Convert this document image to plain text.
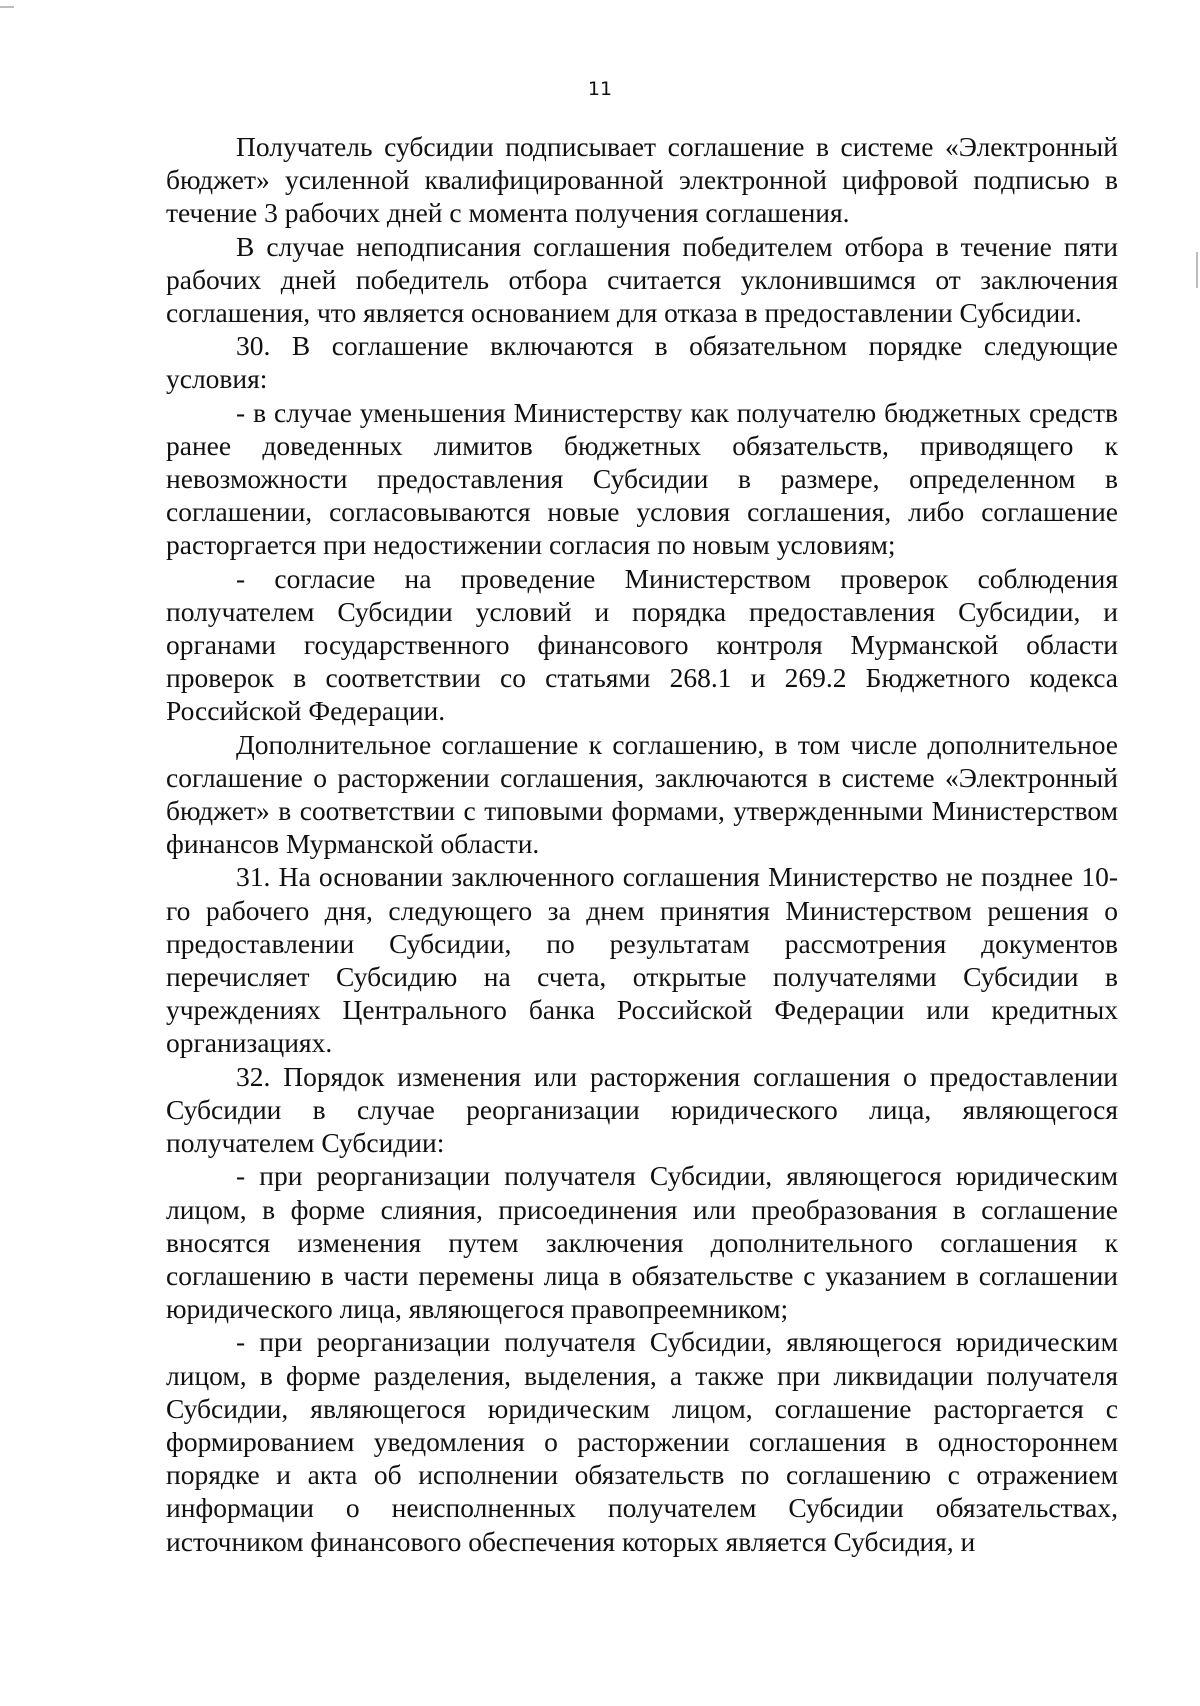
11

Получатель субсидии подписывает соглашение в системе «Электронный бюджет» усиленной квалифицированной электронной цифровой подписью в течение 3 рабочих дней с момента получения соглашения.

В случае неподписания соглашения победителем отбора в течение пяти рабочих дней победитель отбора считается уклонившимся от заключения соглашения, что является основанием для отказа в предоставлении Субсидии.

30. В соглашение включаются в обязательном порядке следующие условия:

- в случае уменьшения Министерству как получателю бюджетных средств ранее доведенных лимитов бюджетных обязательств, приводящего к невозможности предоставления Субсидии в размере, определенном в соглашении, согласовываются новые условия соглашения, либо соглашение расторгается при недостижении согласия по новым условиям;

- согласие на проведение Министерством проверок соблюдения получателем Субсидии условий и порядка предоставления Субсидии, и органами государственного финансового контроля Мурманской области проверок в соответствии со статьями 268.1 и 269.2 Бюджетного кодекса Российской Федерации.

Дополнительное соглашение к соглашению, в том числе дополнительное соглашение о расторжении соглашения, заключаются в системе «Электронный бюджет» в соответствии с типовыми формами, утвержденными Министерством финансов Мурманской области.

31. На основании заключенного соглашения Министерство не позднее 10-го рабочего дня, следующего за днем принятия Министерством решения о предоставлении Субсидии, по результатам рассмотрения документов перечисляет Субсидию на счета, открытые получателями Субсидии в учреждениях Центрального банка Российской Федерации или кредитных организациях.

32. Порядок изменения или расторжения соглашения о предоставлении Субсидии в случае реорганизации юридического лица, являющегося получателем Субсидии:

- при реорганизации получателя Субсидии, являющегося юридическим лицом, в форме слияния, присоединения или преобразования в соглашение вносятся изменения путем заключения дополнительного соглашения к соглашению в части перемены лица в обязательстве с указанием в соглашении юридического лица, являющегося правопреемником;

- при реорганизации получателя Субсидии, являющегося юридическим лицом, в форме разделения, выделения, а также при ликвидации получателя Субсидии, являющегося юридическим лицом, соглашение расторгается с формированием уведомления о расторжении соглашения в одностороннем порядке и акта об исполнении обязательств по соглашению с отражением информации о неисполненных получателем Субсидии обязательствах, источником финансового обеспечения которых является Субсидия, и
